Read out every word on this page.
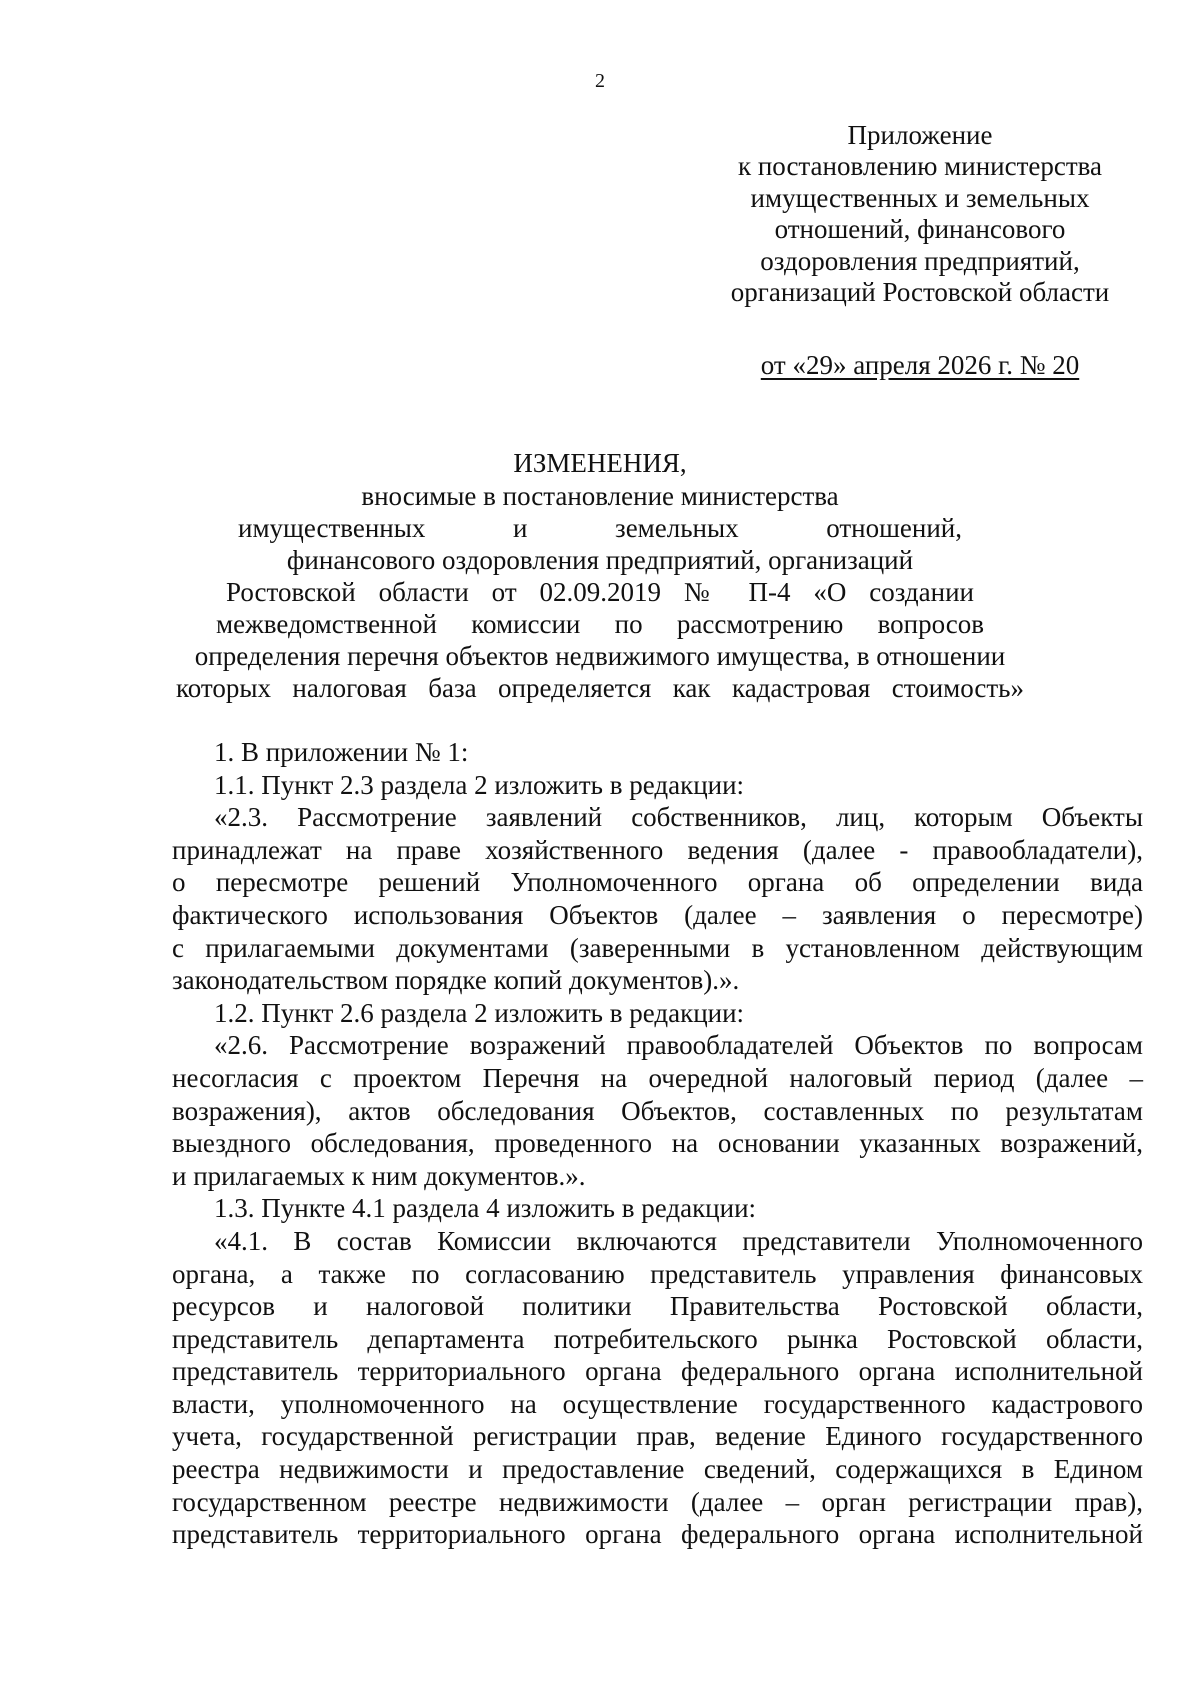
2
Приложение
к постановлению министерства
имущественных и земельных
отношений, финансового
оздоровления предприятий,
организаций Ростовской области
от «29» апреля 2026 г. № 20
ИЗМЕНЕНИЯ,
вносимые в постановление министерства
имущественных и земельных отношений,
финансового оздоровления предприятий, организаций
Ростовской области от 02.09.2019 № П-4 «О создании
межведомственной комиссии по рассмотрению вопросов
определения перечня объектов недвижимого имущества, в отношении
которых налоговая база определяется как кадастровая стоимость»
1. В приложении № 1:
1.1. Пункт 2.3 раздела 2 изложить в редакции:
«2.3. Рассмотрение заявлений собственников, лиц, которым Объекты
принадлежат на праве хозяйственного ведения (далее - правообладатели),
о пересмотре решений Уполномоченного органа об определении вида
фактического использования Объектов (далее – заявления о пересмотре)
с прилагаемыми документами (заверенными в установленном действующим
законодательством порядке копий документов).».
1.2. Пункт 2.6 раздела 2 изложить в редакции:
«2.6. Рассмотрение возражений правообладателей Объектов по вопросам
несогласия с проектом Перечня на очередной налоговый период (далее –
возражения), актов обследования Объектов, составленных по результатам
выездного обследования, проведенного на основании указанных возражений,
и прилагаемых к ним документов.».
1.3. Пункте 4.1 раздела 4 изложить в редакции:
«4.1. В состав Комиссии включаются представители Уполномоченного
органа, а также по согласованию представитель управления финансовых
ресурсов и налоговой политики Правительства Ростовской области,
представитель департамента потребительского рынка Ростовской области,
представитель территориального органа федерального органа исполнительной
власти, уполномоченного на осуществление государственного кадастрового
учета, государственной регистрации прав, ведение Единого государственного
реестра недвижимости и предоставление сведений, содержащихся в Едином
государственном реестре недвижимости (далее – орган регистрации прав),
представитель территориального органа федерального органа исполнительной
